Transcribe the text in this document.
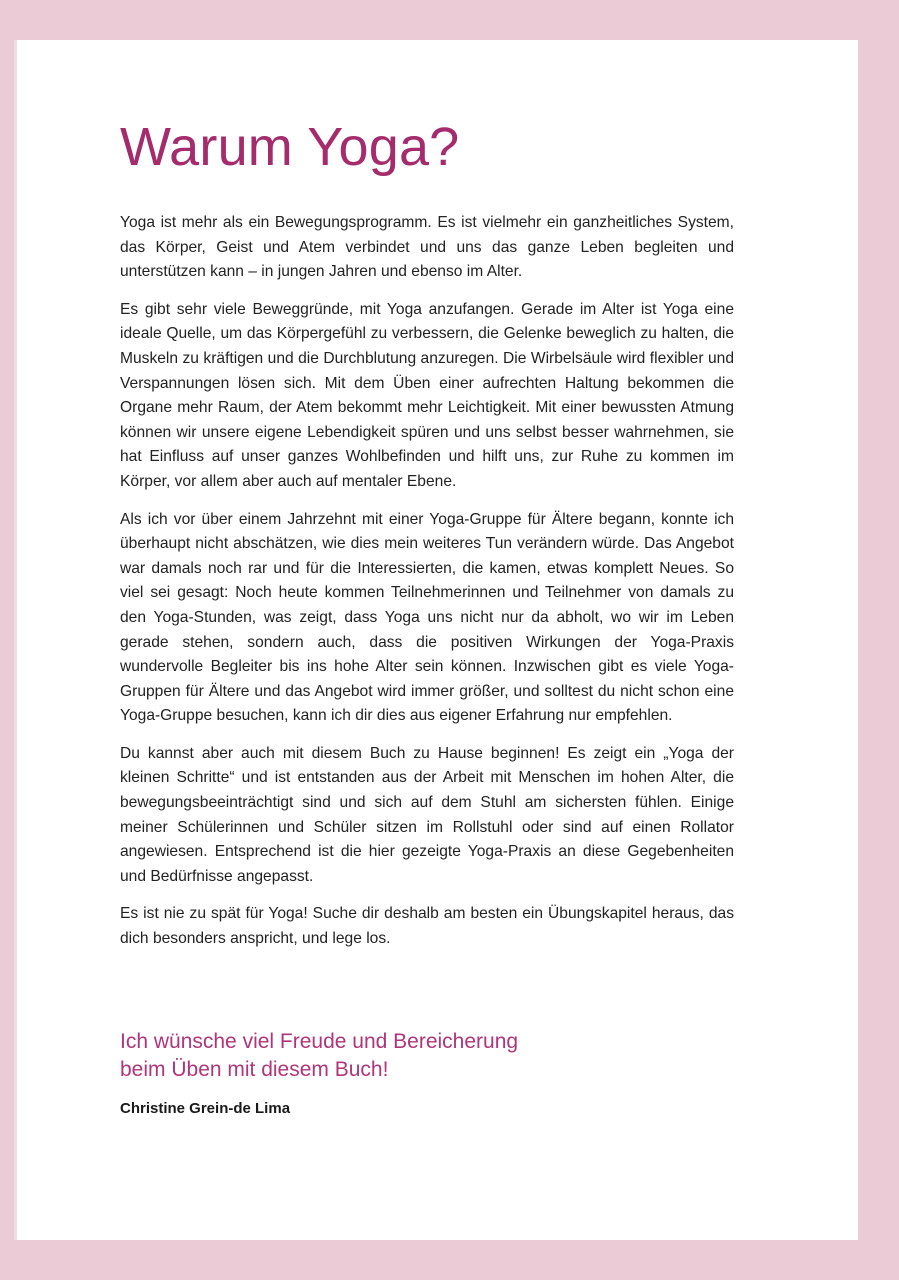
Warum Yoga?

Yoga ist mehr als ein Bewegungsprogramm. Es ist vielmehr ein ganzheitliches System, das Körper, Geist und Atem verbindet und uns das ganze Leben begleiten und unterstützen kann – in jungen Jahren und ebenso im Alter.

Es gibt sehr viele Beweggründe, mit Yoga anzufangen. Gerade im Alter ist Yoga eine ideale Quelle, um das Körpergefühl zu verbessern, die Gelenke beweglich zu halten, die Muskeln zu kräftigen und die Durchblutung anzuregen. Die Wirbelsäule wird flexibler und Verspannungen lösen sich. Mit dem Üben einer aufrechten Haltung bekommen die Organe mehr Raum, der Atem bekommt mehr Leichtigkeit. Mit einer bewussten Atmung können wir unsere eigene Lebendigkeit spüren und uns selbst besser wahrnehmen, sie hat Einfluss auf unser ganzes Wohlbefinden und hilft uns, zur Ruhe zu kommen im Körper, vor allem aber auch auf mentaler Ebene.

Als ich vor über einem Jahrzehnt mit einer Yoga-Gruppe für Ältere begann, konnte ich überhaupt nicht abschätzen, wie dies mein weiteres Tun verändern würde. Das Angebot war damals noch rar und für die Interessierten, die kamen, etwas komplett Neues. So viel sei gesagt: Noch heute kommen Teilnehmerinnen und Teilnehmer von damals zu den Yoga-Stunden, was zeigt, dass Yoga uns nicht nur da abholt, wo wir im Leben gerade stehen, sondern auch, dass die positiven Wirkungen der Yoga-Praxis wundervolle Begleiter bis ins hohe Alter sein können. Inzwischen gibt es viele Yoga-Gruppen für Ältere und das Angebot wird immer größer, und solltest du nicht schon eine Yoga-Gruppe besuchen, kann ich dir dies aus eigener Erfahrung nur empfehlen.

Du kannst aber auch mit diesem Buch zu Hause beginnen! Es zeigt ein „Yoga der kleinen Schritte“ und ist entstanden aus der Arbeit mit Menschen im hohen Alter, die bewegungsbeeinträchtigt sind und sich auf dem Stuhl am sichersten fühlen. Einige meiner Schülerinnen und Schüler sitzen im Rollstuhl oder sind auf einen Rollator angewiesen. Entsprechend ist die hier gezeigte Yoga-Praxis an diese Gegebenheiten und Bedürfnisse angepasst.

Es ist nie zu spät für Yoga! Suche dir deshalb am besten ein Übungskapitel heraus, das dich besonders anspricht, und lege los.

Ich wünsche viel Freude und Bereicherung
beim Üben mit diesem Buch!
Christine Grein-de Lima
